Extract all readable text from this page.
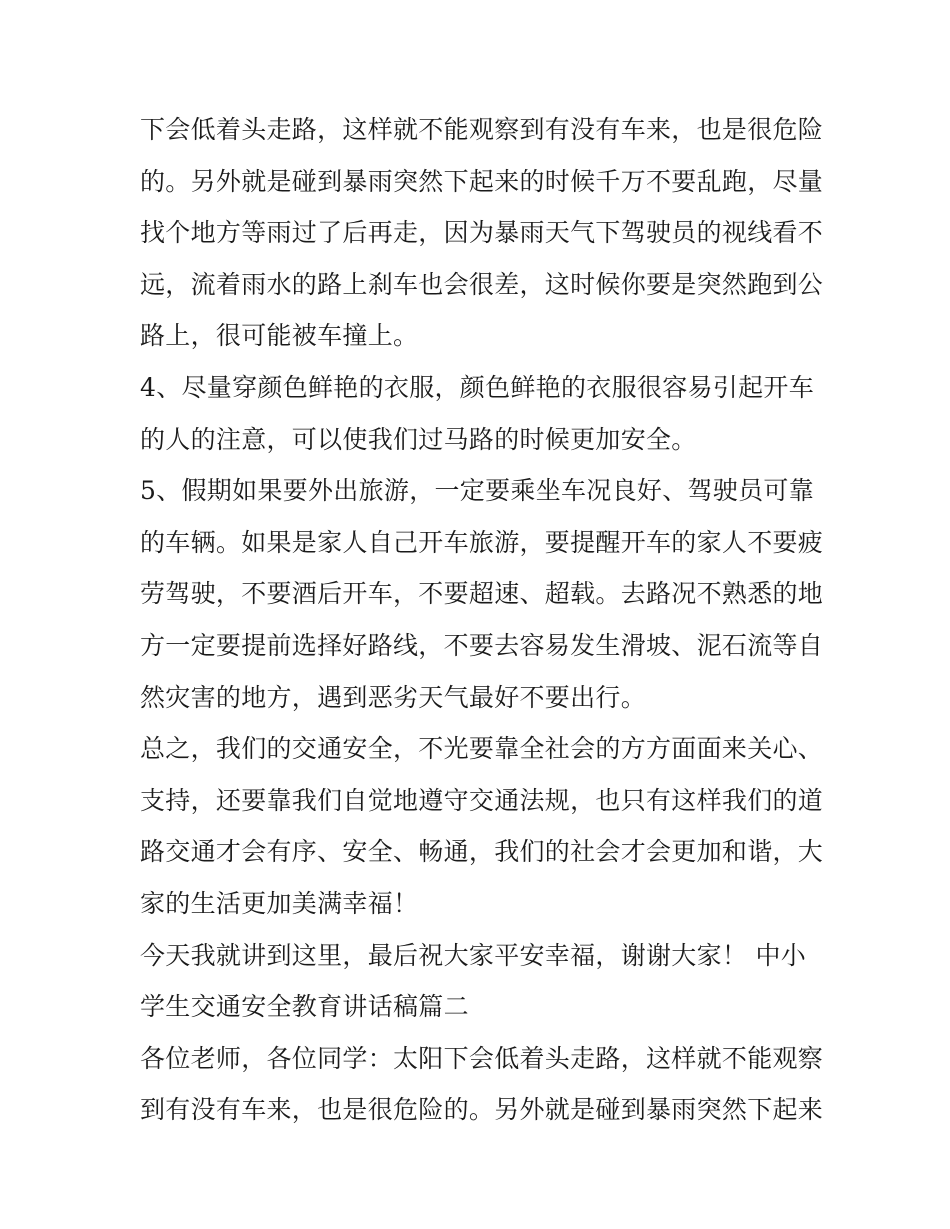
下会低着头走路，这样就不能观察到有没有车来，也是很危险
的。另外就是碰到暴雨突然下起来的时候千万不要乱跑，尽量
找个地方等雨过了后再走，因为暴雨天气下驾驶员的视线看不
远，流着雨水的路上刹车也会很差，这时候你要是突然跑到公
路上，很可能被车撞上。
4、尽量穿颜色鲜艳的衣服，颜色鲜艳的衣服很容易引起开车
的人的注意，可以使我们过马路的时候更加安全。
5、假期如果要外出旅游，一定要乘坐车况良好、驾驶员可靠
的车辆。如果是家人自己开车旅游，要提醒开车的家人不要疲
劳驾驶，不要酒后开车，不要超速、超载。去路况不熟悉的地
方一定要提前选择好路线，不要去容易发生滑坡、泥石流等自
然灾害的地方，遇到恶劣天气最好不要出行。
总之，我们的交通安全，不光要靠全社会的方方面面来关心、
支持，还要靠我们自觉地遵守交通法规，也只有这样我们的道
路交通才会有序、安全、畅通，我们的社会才会更加和谐，大
家的生活更加美满幸福！
今天我就讲到这里，最后祝大家平安幸福，谢谢大家！ 中小
学生交通安全教育讲话稿篇二
各位老师，各位同学：太阳下会低着头走路，这样就不能观察
到有没有车来，也是很危险的。另外就是碰到暴雨突然下起来
